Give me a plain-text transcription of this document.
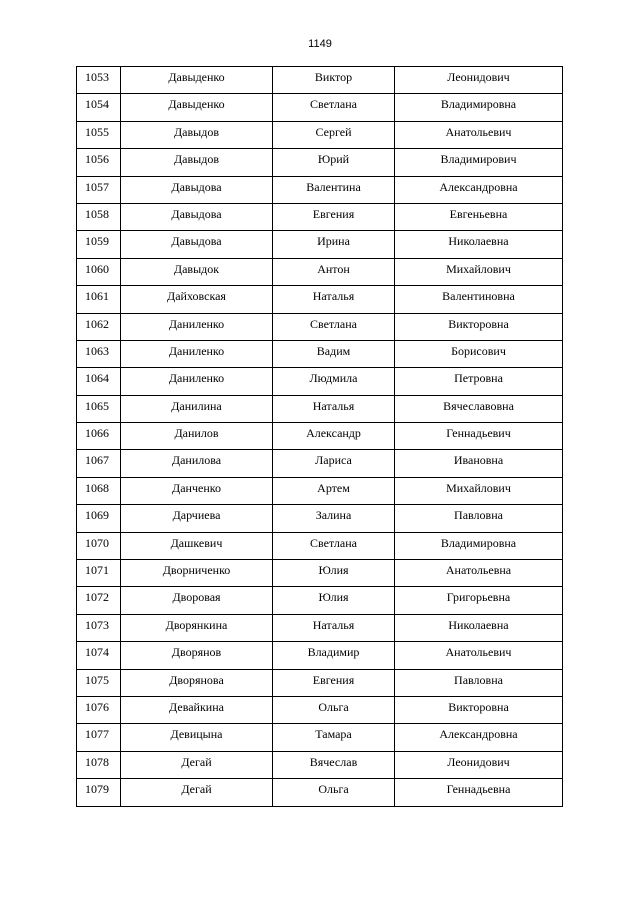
1149
1053	Давыденко	Виктор	Леонидович
1054	Давыденко	Светлана	Владимировна
1055	Давыдов	Сергей	Анатольевич
1056	Давыдов	Юрий	Владимирович
1057	Давыдова	Валентина	Александровна
1058	Давыдова	Евгения	Евгеньевна
1059	Давыдова	Ирина	Николаевна
1060	Давыдок	Антон	Михайлович
1061	Дайховская	Наталья	Валентиновна
1062	Даниленко	Светлана	Викторовна
1063	Даниленко	Вадим	Борисович
1064	Даниленко	Людмила	Петровна
1065	Данилина	Наталья	Вячеславовна
1066	Данилов	Александр	Геннадьевич
1067	Данилова	Лариса	Ивановна
1068	Данченко	Артем	Михайлович
1069	Дарчиева	Залина	Павловна
1070	Дашкевич	Светлана	Владимировна
1071	Дворниченко	Юлия	Анатольевна
1072	Дворовая	Юлия	Григорьевна
1073	Дворянкина	Наталья	Николаевна
1074	Дворянов	Владимир	Анатольевич
1075	Дворянова	Евгения	Павловна
1076	Девайкина	Ольга	Викторовна
1077	Девицына	Тамара	Александровна
1078	Дегай	Вячеслав	Леонидович
1079	Дегай	Ольга	Геннадьевна
